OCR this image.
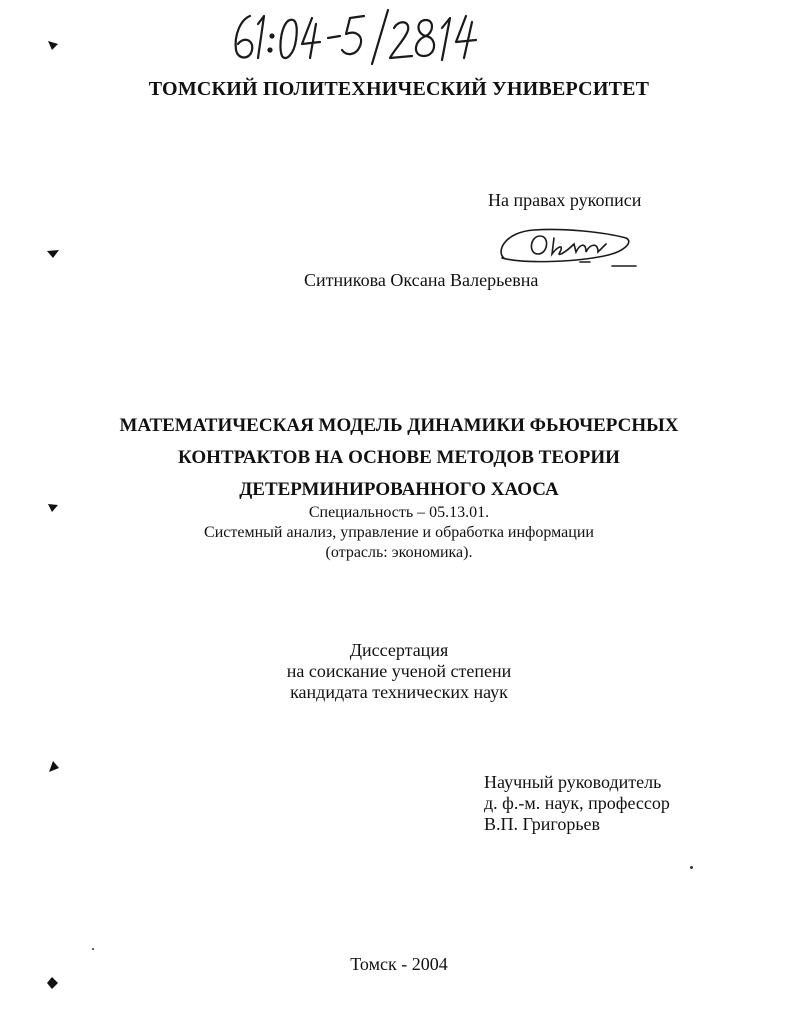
ТОМСКИЙ ПОЛИТЕХНИЧЕСКИЙ УНИВЕРСИТЕТ
На правах рукописи
Ситникова Оксана Валерьевна
МАТЕМАТИЧЕСКАЯ МОДЕЛЬ ДИНАМИКИ ФЬЮЧЕРСНЫХ
КОНТРАКТОВ НА ОСНОВЕ МЕТОДОВ ТЕОРИИ
ДЕТЕРМИНИРОВАННОГО ХАОСА
Специальность – 05.13.01.
Системный анализ, управление и обработка информации
(отрасль: экономика).
Диссертация
на соискание ученой степени
кандидата технических наук
Научный руководитель
д. ф.-м. наук, профессор
В.П. Григорьев
Томск - 2004
